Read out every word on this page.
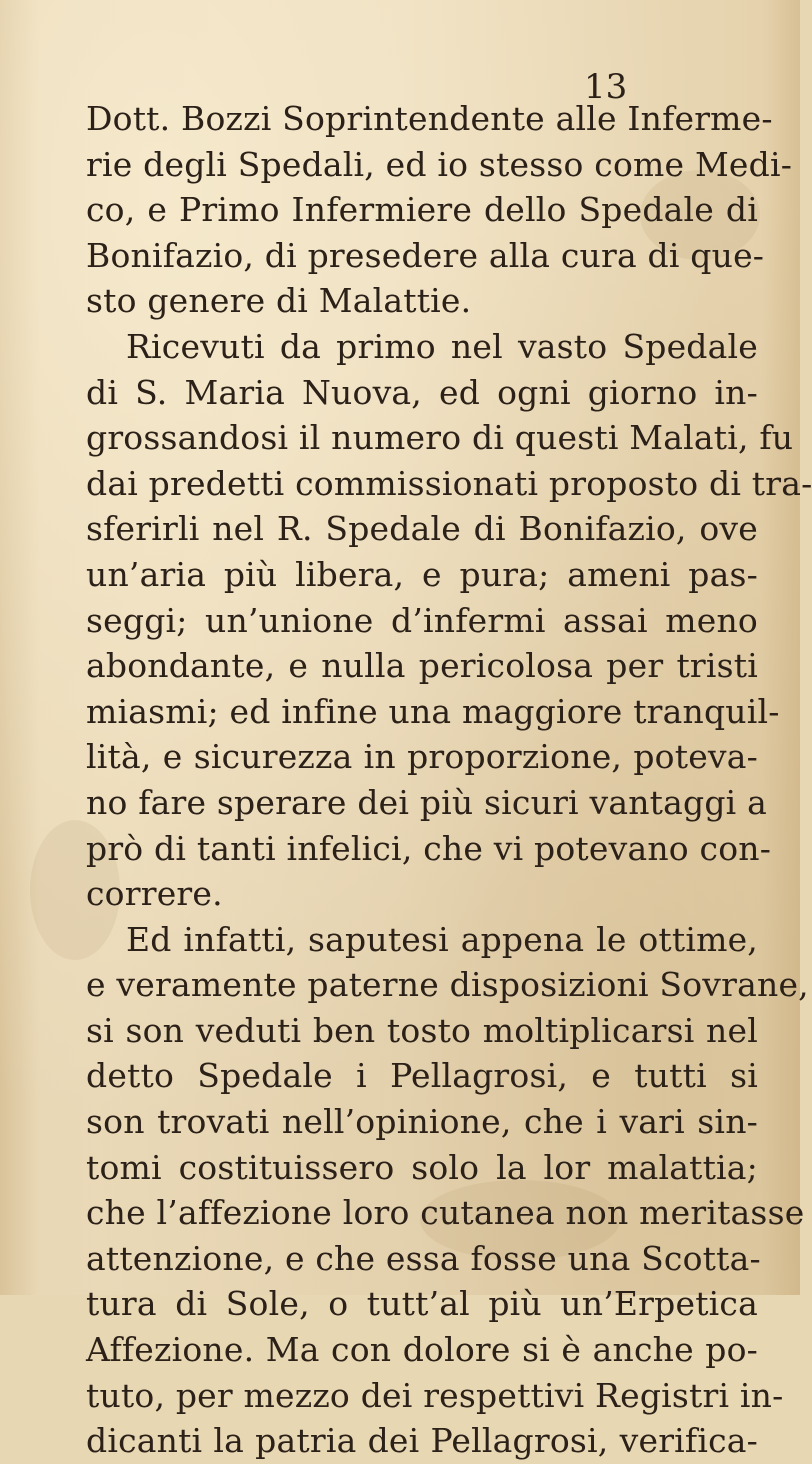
13
Dott. Bozzi Soprintendente alle Inferme-
rie degli Spedali, ed io stesso come Medi-
co, e Primo Infermiere dello Spedale di
Bonifazio, di presedere alla cura di que-
sto genere di Malattie.
Ricevuti da primo nel vasto Spedale
di S. Maria Nuova, ed ogni giorno in-
grossandosi il numero di questi Malati, fu
dai predetti commissionati proposto di tra-
sferirli nel R. Spedale di Bonifazio, ove
un’aria più libera, e pura; ameni pas-
seggi; un’unione d’infermi assai meno
abondante, e nulla pericolosa per tristi
miasmi; ed infine una maggiore tranquil-
lità, e sicurezza in proporzione, poteva-
no fare sperare dei più sicuri vantaggi a
prò di tanti infelici, che vi potevano con-
correre.
Ed infatti, saputesi appena le ottime,
e veramente paterne disposizioni Sovrane,
si son veduti ben tosto moltiplicarsi nel
detto Spedale i Pellagrosi, e tutti si
son trovati nell’opinione, che i vari sin-
tomi costituissero solo la lor malattia;
che l’affezione loro cutanea non meritasse
attenzione, e che essa fosse una Scotta-
tura di Sole, o tutt’al più un’Erpetica
Affezione. Ma con dolore si è anche po-
tuto, per mezzo dei respettivi Registri in-
dicanti la patria dei Pellagrosi, verifica-
